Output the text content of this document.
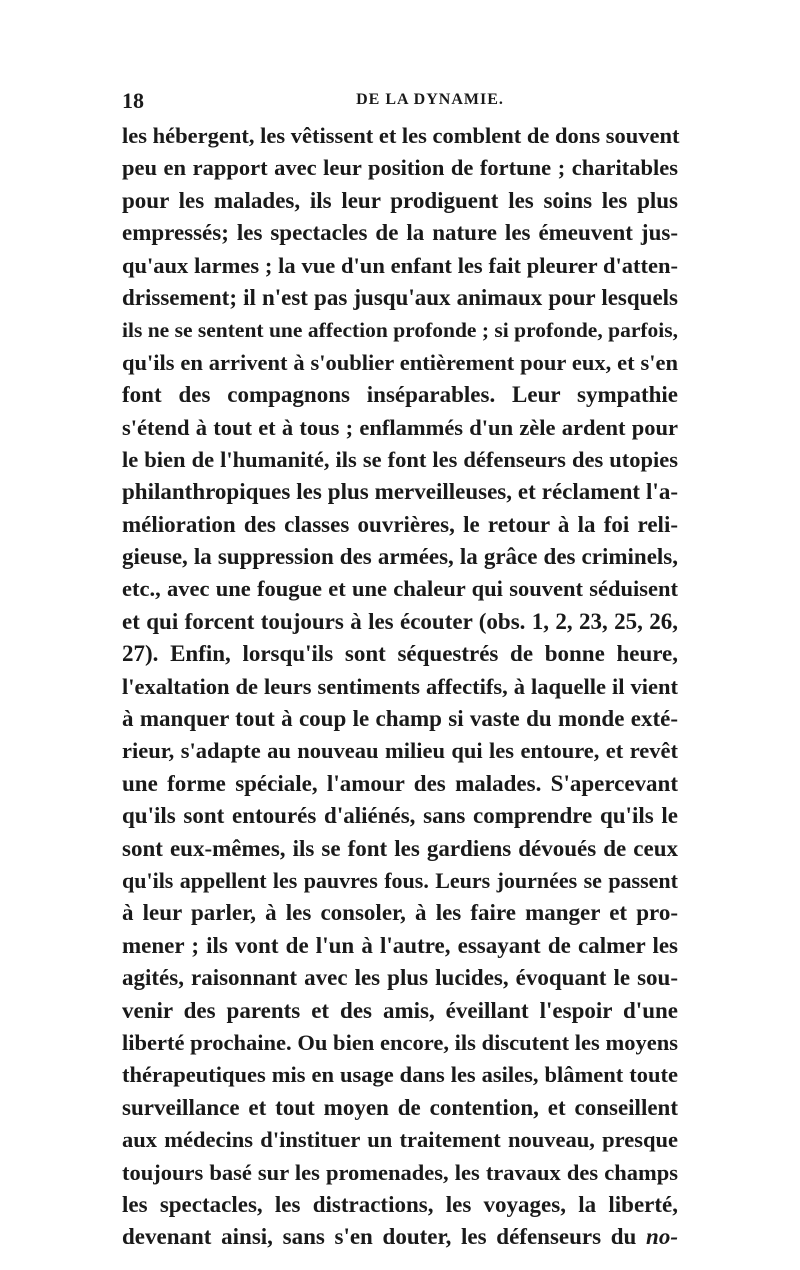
18	DE LA DYNAMIE.
les hébergent, les vêtissent et les comblent de dons souvent
peu en rapport avec leur position de fortune ; charitables
pour les malades, ils leur prodiguent les soins les plus
empressés; les spectacles de la nature les émeuvent jus-
qu'aux larmes ; la vue d'un enfant les fait pleurer d'atten-
drissement; il n'est pas jusqu'aux animaux pour lesquels
ils ne se sentent une affection profonde ; si profonde, parfois,
qu'ils en arrivent à s'oublier entièrement pour eux, et s'en
font des compagnons inséparables. Leur sympathie
s'étend à tout et à tous ; enflammés d'un zèle ardent pour
le bien de l'humanité, ils se font les défenseurs des utopies
philanthropiques les plus merveilleuses, et réclament l'a-
mélioration des classes ouvrières, le retour à la foi reli-
gieuse, la suppression des armées, la grâce des criminels,
etc., avec une fougue et une chaleur qui souvent séduisent
et qui forcent toujours à les écouter (obs. 1, 2, 23, 25, 26,
27). Enfin, lorsqu'ils sont séquestrés de bonne heure,
l'exaltation de leurs sentiments affectifs, à laquelle il vient
à manquer tout à coup le champ si vaste du monde exté-
rieur, s'adapte au nouveau milieu qui les entoure, et revêt
une forme spéciale, l'amour des malades. S'apercevant
qu'ils sont entourés d'aliénés, sans comprendre qu'ils le
sont eux-mêmes, ils se font les gardiens dévoués de ceux
qu'ils appellent les pauvres fous. Leurs journées se passent
à leur parler, à les consoler, à les faire manger et pro-
mener ; ils vont de l'un à l'autre, essayant de calmer les
agités, raisonnant avec les plus lucides, évoquant le sou-
venir des parents et des amis, éveillant l'espoir d'une
liberté prochaine. Ou bien encore, ils discutent les moyens
thérapeutiques mis en usage dans les asiles, blâment toute
surveillance et tout moyen de contention, et conseillent
aux médecins d'instituer un traitement nouveau, presque
toujours basé sur les promenades, les travaux des champs
les spectacles, les distractions, les voyages, la liberté,
devenant ainsi, sans s'en douter, les défenseurs du no-
